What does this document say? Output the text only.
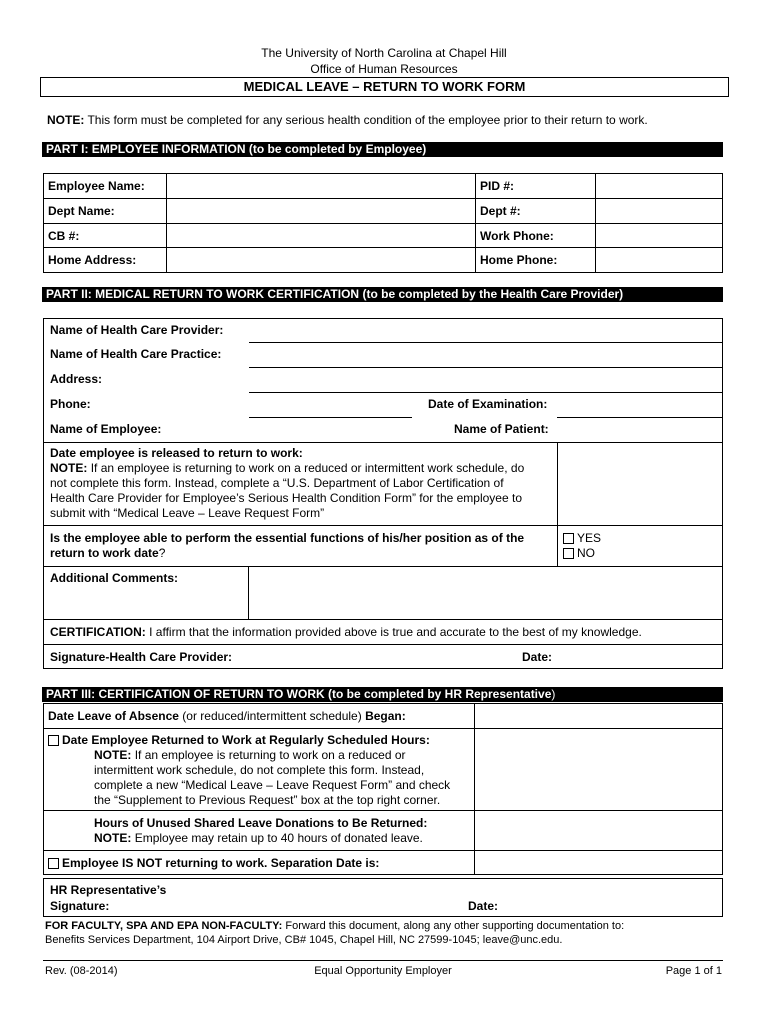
The University of North Carolina at Chapel Hill
Office of Human Resources
MEDICAL LEAVE – RETURN TO WORK FORM
NOTE: This form must be completed for any serious health condition of the employee prior to their return to work.
PART I: EMPLOYEE INFORMATION (to be completed by Employee)
Employee Name:		PID #:	
Dept Name:		Dept #:	
CB #:		Work Phone:	
Home Address:		Home Phone:	
PART II: MEDICAL RETURN TO WORK CERTIFICATION (to be completed by the Health Care Provider)
Name of Health Care Provider:
Name of Health Care Practice:
Address:
Phone:	Date of Examination:
Name of Employee:	Name of Patient:
Date employee is released to return to work:
NOTE: If an employee is returning to work on a reduced or intermittent work schedule, do
not complete this form. Instead, complete a “U.S. Department of Labor Certification of
Health Care Provider for Employee’s Serious Health Condition Form” for the employee to
submit with “Medical Leave – Leave Request Form”
Is the employee able to perform the essential functions of his/her position as of the
return to work date?
YES
NO
Additional Comments:
CERTIFICATION: I affirm that the information provided above is true and accurate to the best of my knowledge.
Signature-Health Care Provider:	Date:
PART III: CERTIFICATION OF RETURN TO WORK (to be completed by HR Representative)
Date Leave of Absence (or reduced/intermittent schedule) Began:	

Date Employee Returned to Work at Regularly Scheduled Hours:
NOTE: If an employee is returning to work on a reduced or
intermittent work schedule, do not complete this form. Instead,
complete a new “Medical Leave – Leave Request Form” and check
the “Supplement to Previous Request” box at the top right corner.	

Hours of Unused Shared Leave Donations to Be Returned:
NOTE: Employee may retain up to 40 hours of donated leave.	

Employee IS NOT returning to work. Separation Date is:	
HR Representative’s
Signature:	Date:
FOR FACULTY, SPA AND EPA NON-FACULTY: Forward this document, along any other supporting documentation to:
Benefits Services Department, 104 Airport Drive, CB# 1045, Chapel Hill, NC 27599-1045; leave@unc.edu.
Rev. (08-2014)	Equal Opportunity Employer	Page 1 of 1
